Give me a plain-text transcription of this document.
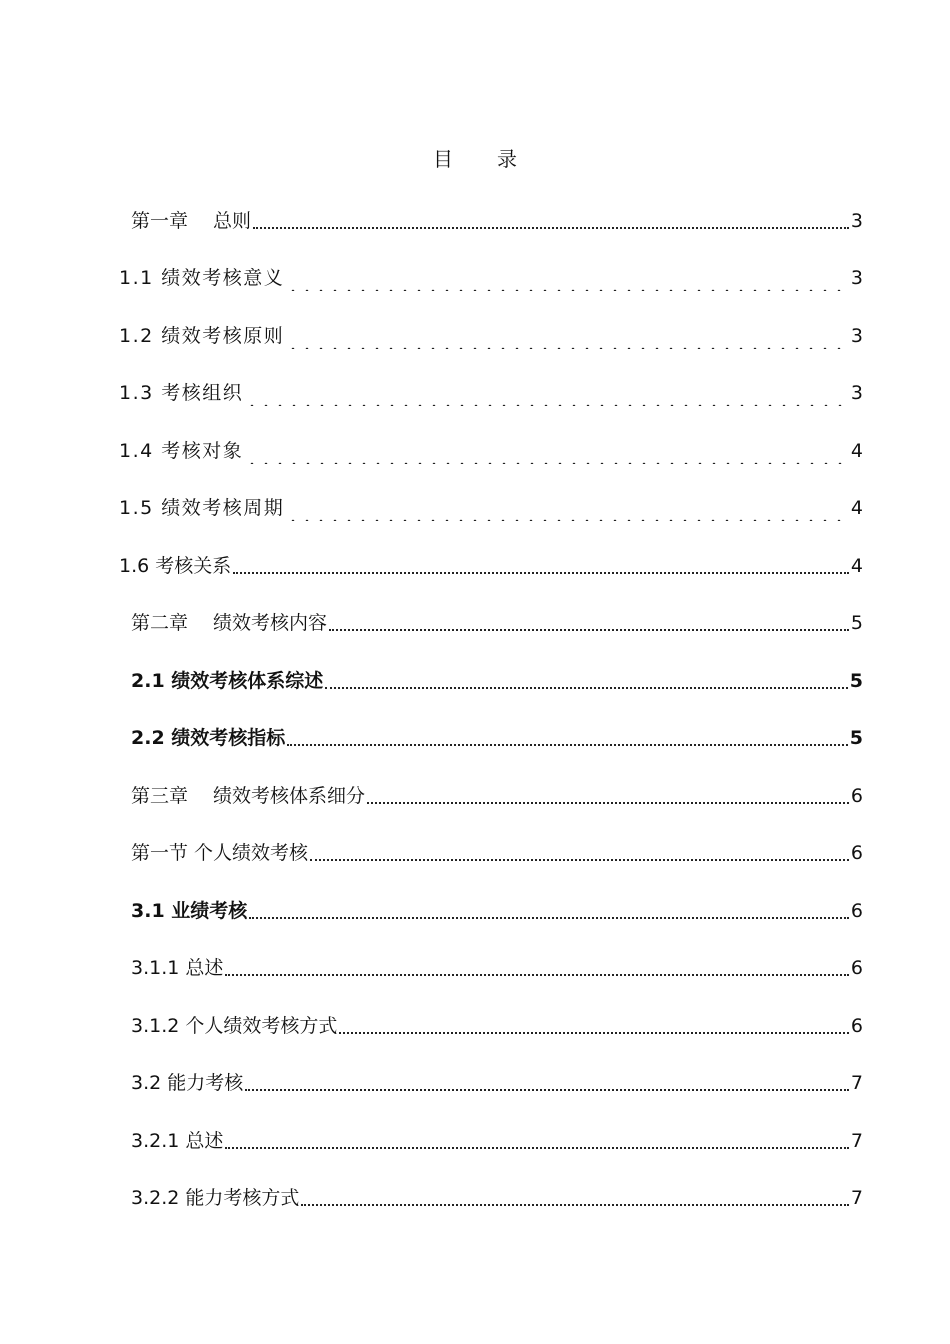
目 录
第一章　 总则	3
1.1 绩效考核意义	3
1.2 绩效考核原则	3
1.3 考核组织	3
1.4 考核对象	4
1.5 绩效考核周期	4
1.6 考核关系	4
第二章　 绩效考核内容	5
2.1 绩效考核体系综述	5
2.2 绩效考核指标	5
第三章　 绩效考核体系细分	6
第一节 个人绩效考核	6
3.1 业绩考核	6
3.1.1 总述	6
3.1.2 个人绩效考核方式	6
3.2 能力考核	7
3.2.1 总述	7
3.2.2 能力考核方式	7
